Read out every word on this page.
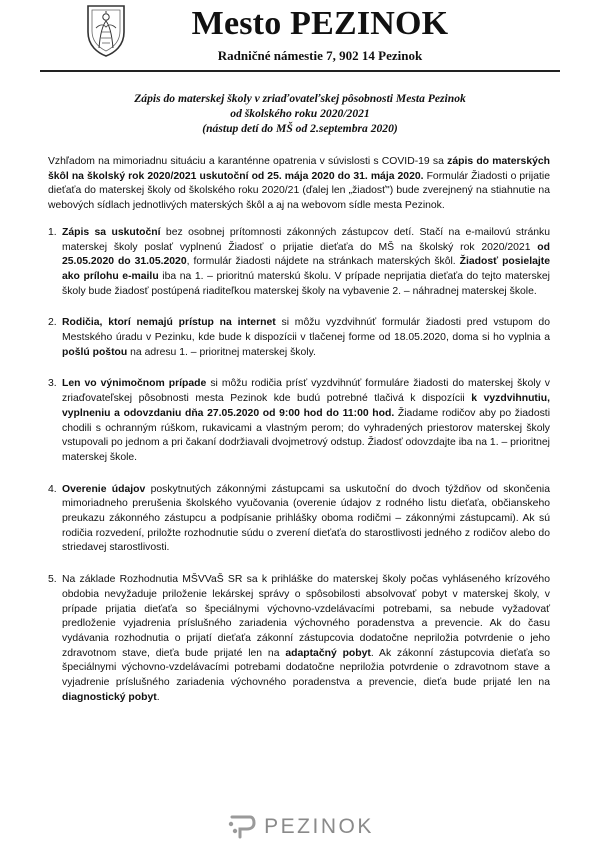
Mesto PEZINOK
Radničné námestie 7, 902 14 Pezinok
Zápis do materskej školy v zriaďovateľskej pôsobnosti Mesta Pezinok
od školského roku 2020/2021
(nástup detí do MŠ od 2.septembra 2020)

Vzhľadom na mimoriadnu situáciu a karanténne opatrenia v súvislosti s COVID-19 sa zápis do materských škôl na školský rok 2020/2021 uskutoční od 25. mája 2020 do 31. mája 2020. Formulár Žiadosti o prijatie dieťaťa do materskej školy od školského roku 2020/21 (ďalej len „žiadosť") bude zverejnený na stiahnutie na webových sídlach jednotlivých materských škôl a aj na webovom sídle mesta Pezinok.

1. Zápis sa uskutoční bez osobnej prítomnosti zákonných zástupcov detí. Stačí na e-mailovú stránku materskej školy poslať vyplnenú Žiadosť o prijatie dieťaťa do MŠ na školský rok 2020/2021 od 25.05.2020 do 31.05.2020, formulár žiadosti nájdete na stránkach materských škôl. Žiadosť posielajte ako prílohu e-mailu iba na 1. – prioritnú materskú školu. V prípade neprijatia dieťaťa do tejto materskej školy bude žiadosť postúpená riaditeľkou materskej školy na vybavenie 2. – náhradnej materskej škole.
2. Rodičia, ktorí nemajú prístup na internet si môžu vyzdvihnúť formulár žiadosti pred vstupom do Mestského úradu v Pezinku, kde bude k dispozícii v tlačenej forme od 18.05.2020, doma si ho vyplnia a pošlú poštou na adresu 1. – prioritnej materskej školy.
3. Len vo výnimočnom prípade si môžu rodičia prísť vyzdvihnúť formuláre žiadosti do materskej školy v zriaďovateľskej pôsobnosti mesta Pezinok kde budú potrebné tlačivá k dispozícii k vyzdvihnutiu, vyplneniu a odovzdaniu dňa 27.05.2020 od 9:00 hod do 11:00 hod. Žiadame rodičov aby po žiadosti chodili s ochranným rúškom, rukavicami a vlastným perom; do vyhradených priestorov materskej školy vstupovali po jednom a pri čakaní dodržiavali dvojmetrový odstup. Žiadosť odovzdajte iba na 1. – prioritnej materskej škole.
4. Overenie údajov poskytnutých zákonnými zástupcami sa uskutoční do dvoch týždňov od skončenia mimoriadneho prerušenia školského vyučovania (overenie údajov z rodného listu dieťaťa, občianskeho preukazu zákonného zástupcu a podpísanie prihlášky oboma rodičmi – zákonnými zástupcami). Ak sú rodičia rozvedení, priložte rozhodnutie súdu o zverení dieťaťa do starostlivosti jedného z rodičov alebo do striedavej starostlivosti.
5. Na základe Rozhodnutia MŠVVaŠ SR sa k prihláške do materskej školy počas vyhláseného krízového obdobia nevyžaduje priloženie lekárskej správy o spôsobilosti absolvovať pobyt v materskej školy, v prípade prijatia dieťaťa so špeciálnymi výchovno-vzdelávacími potrebami, sa nebude vyžadovať predloženie vyjadrenia príslušného zariadenia výchovného poradenstva a prevencie. Ak do času vydávania rozhodnutia o prijatí dieťaťa zákonní zástupcovia dodatočne nepriložia potvrdenie o jeho zdravotnom stave, dieťa bude prijaté len na adaptačný pobyt. Ak zákonní zástupcovia dieťaťa so špeciálnymi výchovno-vzdelávacími potrebami dodatočne nepriložia potvrdenie o zdravotnom stave a vyjadrenie príslušného zariadenia výchovného poradenstva a prevencie, dieťa bude prijaté len na diagnostický pobyt.
PEZINOK
